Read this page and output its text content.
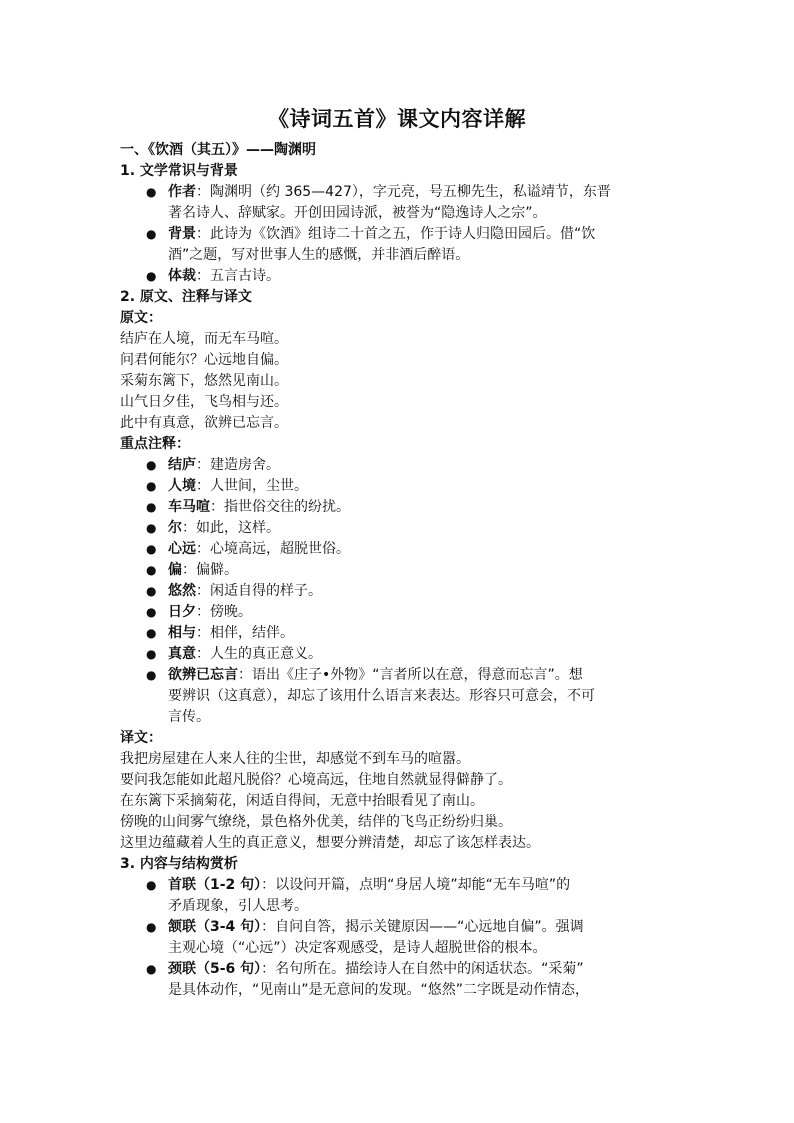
《诗词五首》课文内容详解
一、《饮酒（其五）》——陶渊明
1. 文学常识与背景
● 作者：陶渊明（约 365—427），字元亮，号五柳先生，私谥靖节，东晋
著名诗人、辞赋家。开创田园诗派，被誉为“隐逸诗人之宗”。
● 背景：此诗为《饮酒》组诗二十首之五，作于诗人归隐田园后。借“饮
酒”之题，写对世事人生的感慨，并非酒后醉语。
● 体裁：五言古诗。
2. 原文、注释与译文
原文：
结庐在人境，而无车马喧。
问君何能尔？心远地自偏。
采菊东篱下，悠然见南山。
山气日夕佳，飞鸟相与还。
此中有真意，欲辨已忘言。
重点注释：
● 结庐：建造房舍。
● 人境：人世间，尘世。
● 车马喧：指世俗交往的纷扰。
● 尔：如此，这样。
● 心远：心境高远，超脱世俗。
● 偏：偏僻。
● 悠然：闲适自得的样子。
● 日夕：傍晚。
● 相与：相伴，结伴。
● 真意：人生的真正意义。
● 欲辨已忘言：语出《庄子•外物》“言者所以在意，得意而忘言”。想
要辨识（这真意），却忘了该用什么语言来表达。形容只可意会，不可
言传。
译文：
我把房屋建在人来人往的尘世，却感觉不到车马的喧嚣。
要问我怎能如此超凡脱俗？心境高远，住地自然就显得僻静了。
在东篱下采摘菊花，闲适自得间，无意中抬眼看见了南山。
傍晚的山间雾气缭绕，景色格外优美，结伴的飞鸟正纷纷归巢。
这里边蕴藏着人生的真正意义，想要分辨清楚，却忘了该怎样表达。
3. 内容与结构赏析
● 首联（1-2 句）：以设问开篇，点明“身居人境”却能“无车马喧”的
矛盾现象，引人思考。
● 颔联（3-4 句）：自问自答，揭示关键原因——“心远地自偏”。强调
主观心境（“心远”）决定客观感受，是诗人超脱世俗的根本。
● 颈联（5-6 句）：名句所在。描绘诗人在自然中的闲适状态。“采菊”
是具体动作，“见南山”是无意间的发现。“悠然”二字既是动作情态，
